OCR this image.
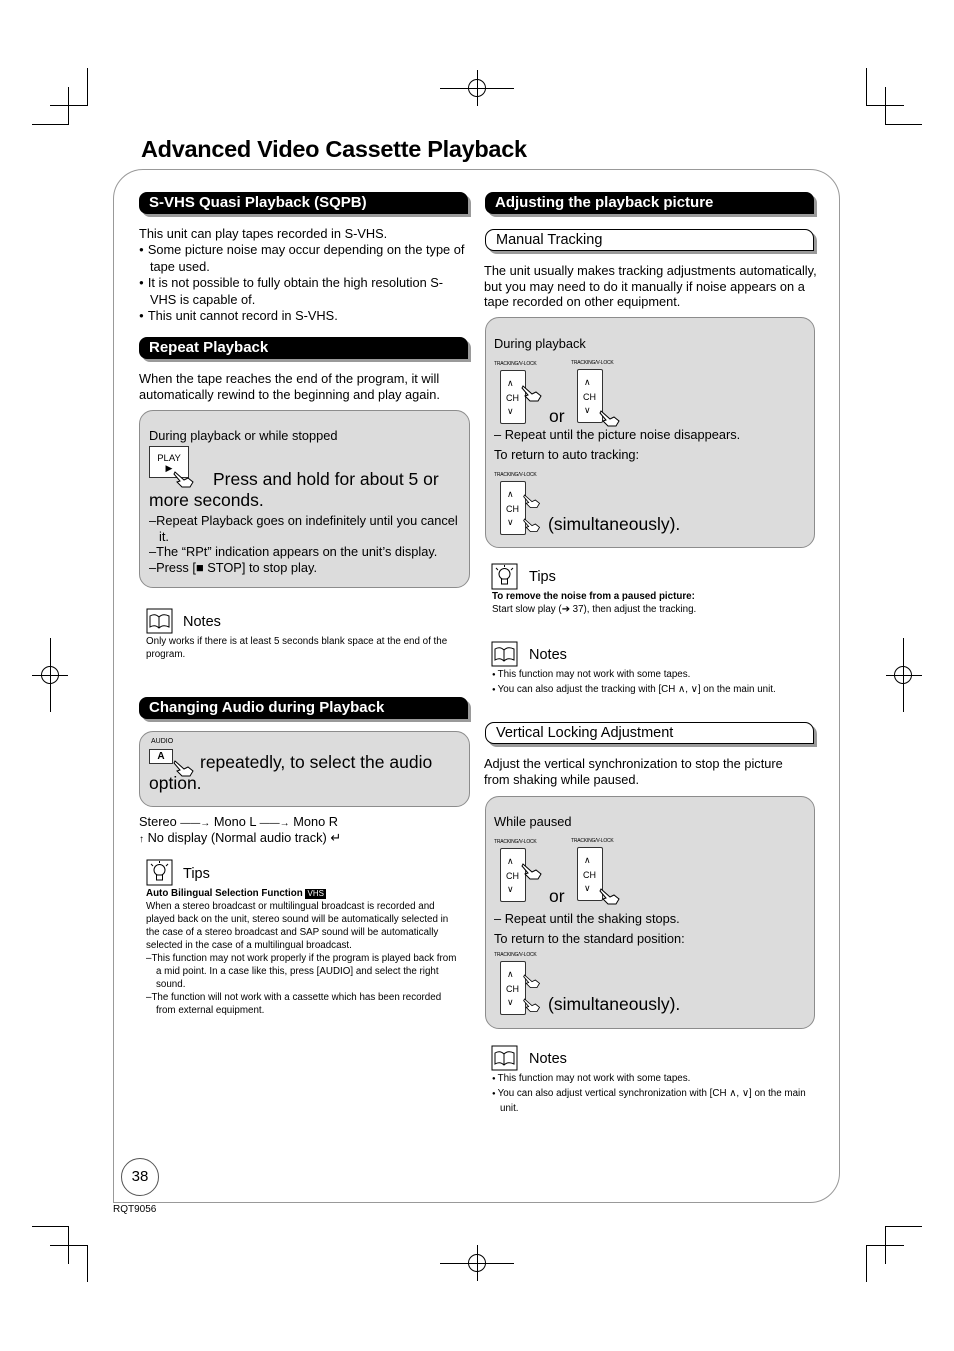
Advanced Video Cassette Playback
S-VHS Quasi Playback (SQPB)

This unit can play tapes recorded in S-VHS.

● Some picture noise may occur depending on the type of tape used.

● It is not possible to fully obtain the high resolution S-VHS is capable of.

● This unit cannot record in S-VHS.

Repeat Playback
When the tape reaches the end of the program, it will automatically rewind to the beginning and play again.
During playback or while stopped
PLAY
▶
Press and hold for about 5 or more seconds.

–Repeat Playback goes on indefinitely until you cancel it.

–The “RPt” indication appears on the unit’s display.

–Press [■ STOP] to stop play.

Notes
Only works if there is at least 5 seconds blank space at the end of the program.
Changing Audio during Playback
AUDIO
A	repeatedly, to select the audio option.
Stereo ——→ Mono L ——→ Mono R
↑ No display (Normal audio track) ↵
Tips

Auto Bilingual Selection Function VHS

When a stereo broadcast or multilingual broadcast is recorded and played back on the unit, stereo sound will be automatically selected in the case of a stereo broadcast and SAP sound will be automatically selected in the case of a multilingual broadcast.

–This function may not work properly if the program is played back from a mid point. In a case like this, press [AUDIO] and select the right sound.

–The function will not work with a cassette which has been recorded from external equipment.

Adjusting the playback picture
Manual Tracking
The unit usually makes tracking adjustments automatically, but you may need to do it manually if noise appears on a tape recorded on other equipment.
During playback
TRACKING/V-LOCK
CH
∧
∨ or
TRACKING/V-LOCK
CH
∧
∨
– Repeat until the picture noise disappears.
To return to auto tracking:
TRACKING/V-LOCK
CH
∧
∨ (simultaneously).
Tips

To remove the noise from a paused picture:

Start slow play (➔ 37), then adjust the tracking.

Notes

● This function may not work with some tapes.

● You can also adjust the tracking with [CH ∧, ∨] on the main unit.

Vertical Locking Adjustment
Adjust the vertical synchronization to stop the picture from shaking while paused.
While paused
TRACKING/V-LOCK
CH
∧
∨ or
TRACKING/V-LOCK
CH
∧
∨
– Repeat until the shaking stops.
To return to the standard position:
TRACKING/V-LOCK
CH
∧
∨ (simultaneously).
Notes

● This function may not work with some tapes.

● You can also adjust vertical synchronization with [CH ∧, ∨] on the main unit.

38
RQT9056
